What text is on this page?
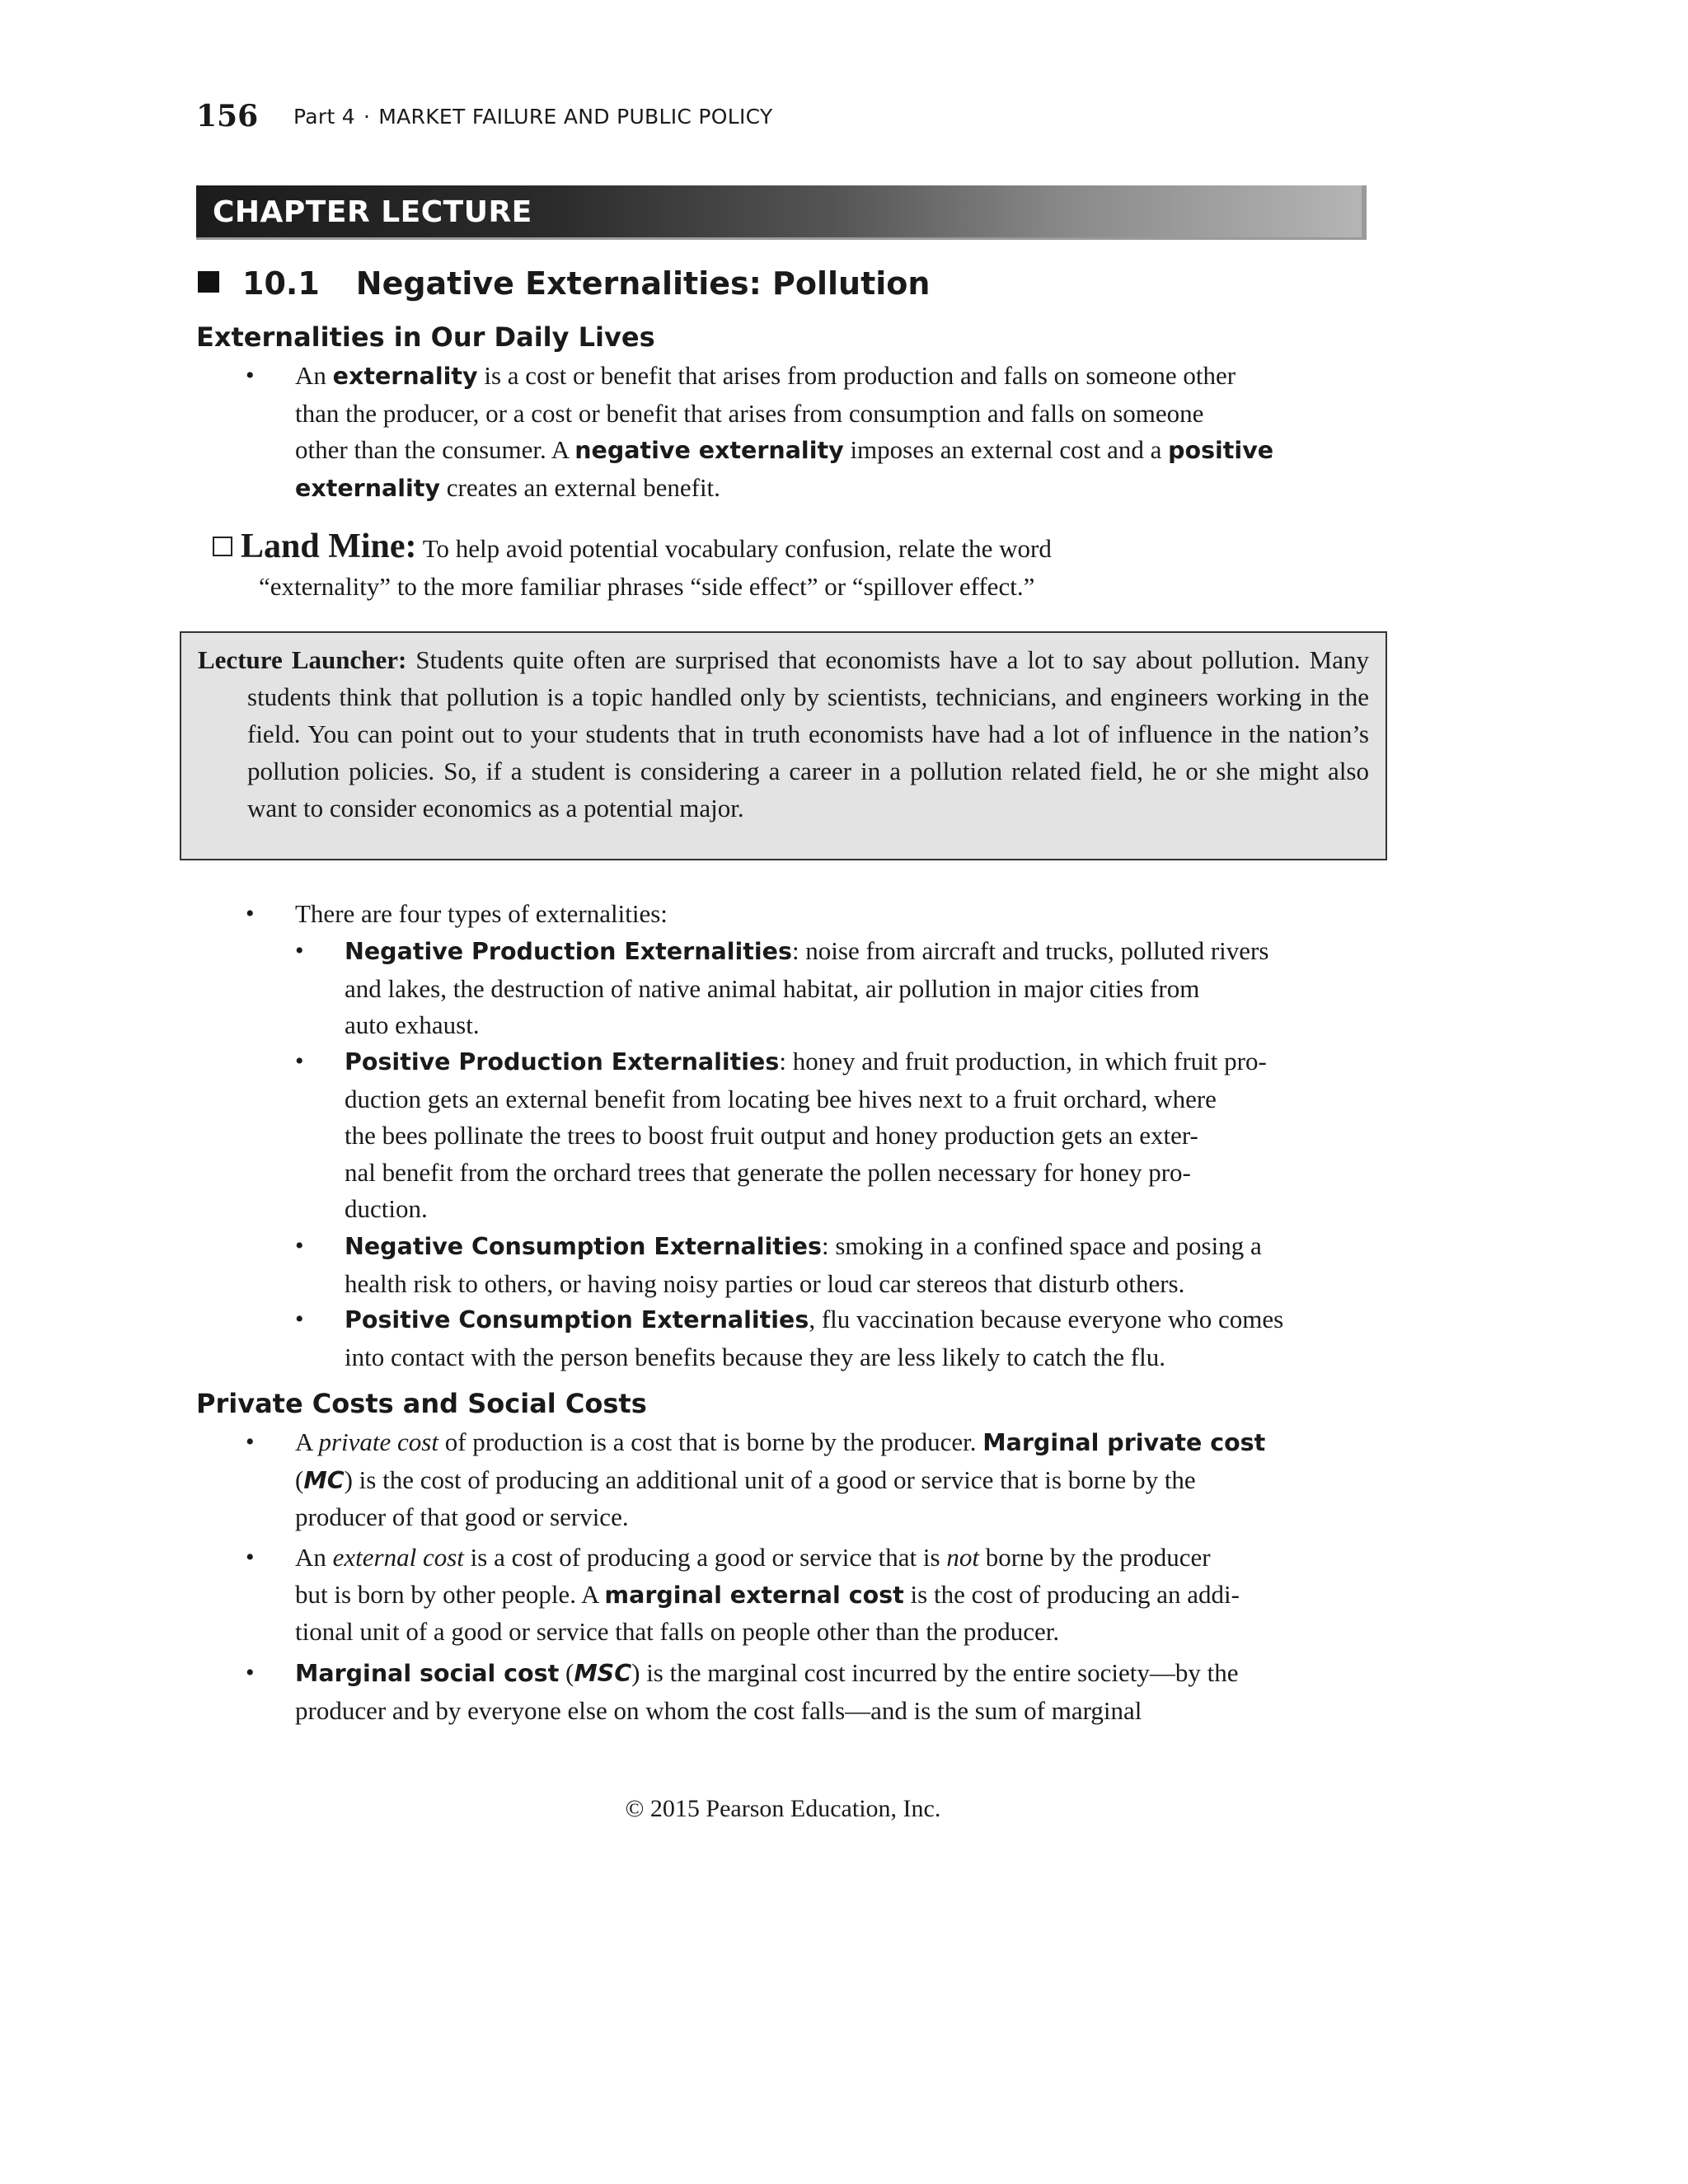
156 Part 4 · MARKET FAILURE AND PUBLIC POLICY
CHAPTER LECTURE
10.1 Negative Externalities: Pollution
Externalities in Our Daily Lives
• An externality is a cost or benefit that arises from production and falls on someone other
than the producer, or a cost or benefit that arises from consumption and falls on someone
other than the consumer. A negative externality imposes an external cost and a positive
externality creates an external benefit.
Land Mine: To help avoid potential vocabulary confusion, relate the word
“externality” to the more familiar phrases “side effect” or “spillover effect.”

Lecture Launcher: Students quite often are surprised that economists have a lot to say about pollution. Many students think that pollution is a topic handled only by scientists, technicians, and engineers working in the field. You can point out to your students that in truth economists have had a lot of influence in the nation’s pollution policies. So, if a student is considering a career in a pollution related field, he or she might also want to consider economics as a potential major.

• There are four types of externalities:
• Negative Production Externalities: noise from aircraft and trucks, polluted rivers
and lakes, the destruction of native animal habitat, air pollution in major cities from
auto exhaust.
• Positive Production Externalities: honey and fruit production, in which fruit pro-
duction gets an external benefit from locating bee hives next to a fruit orchard, where
the bees pollinate the trees to boost fruit output and honey production gets an exter-
nal benefit from the orchard trees that generate the pollen necessary for honey pro-
duction.
• Negative Consumption Externalities: smoking in a confined space and posing a
health risk to others, or having noisy parties or loud car stereos that disturb others.
• Positive Consumption Externalities, flu vaccination because everyone who comes
into contact with the person benefits because they are less likely to catch the flu.
Private Costs and Social Costs
• A private cost of production is a cost that is borne by the producer. Marginal private cost
(MC) is the cost of producing an additional unit of a good or service that is borne by the
producer of that good or service.
• An external cost is a cost of producing a good or service that is not borne by the producer
but is born by other people. A marginal external cost is the cost of producing an addi-
tional unit of a good or service that falls on people other than the producer.
• Marginal social cost (MSC) is the marginal cost incurred by the entire society—by the
producer and by everyone else on whom the cost falls—and is the sum of marginal
© 2015 Pearson Education, Inc.
